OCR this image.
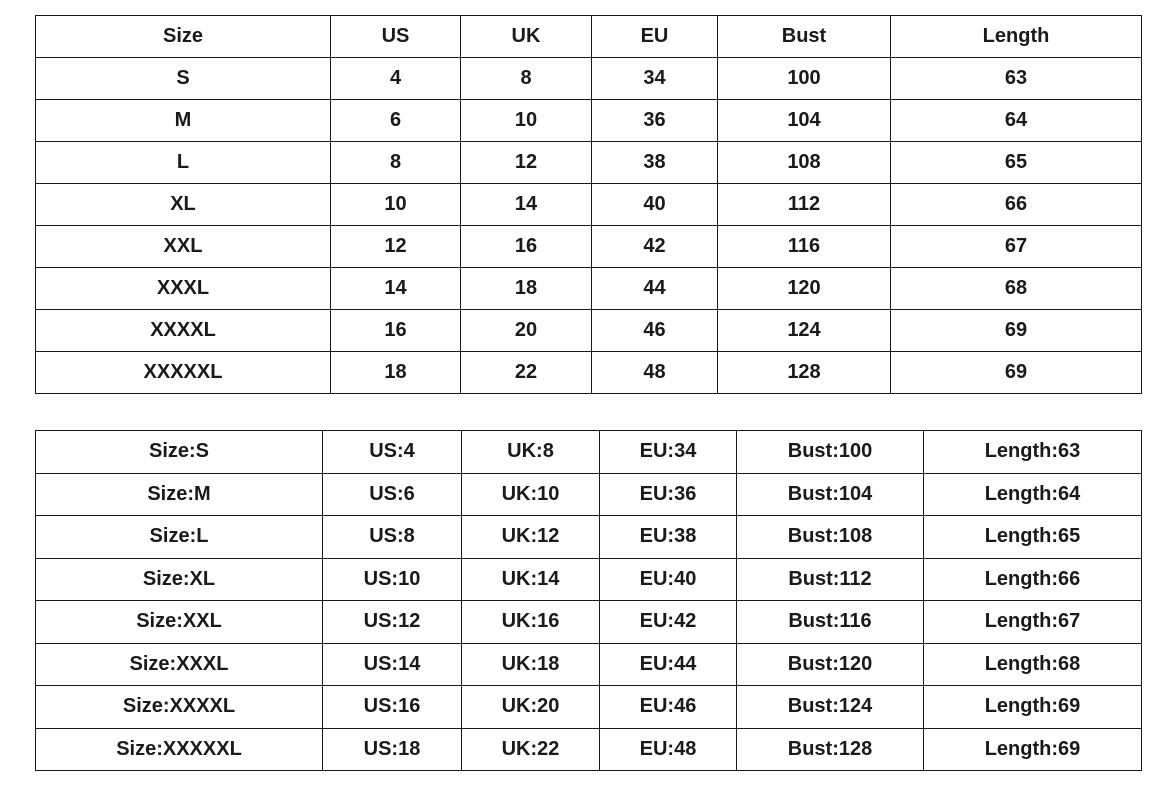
Size	US	UK	EU	Bust	Length
S	4	8	34	100	63
M	6	10	36	104	64
L	8	12	38	108	65
XL	10	14	40	112	66
XXL	12	16	42	116	67
XXXL	14	18	44	120	68
XXXXL	16	20	46	124	69
XXXXXL	18	22	48	128	69
Size:S	US:4	UK:8	EU:34	Bust:100	Length:63
Size:M	US:6	UK:10	EU:36	Bust:104	Length:64
Size:L	US:8	UK:12	EU:38	Bust:108	Length:65
Size:XL	US:10	UK:14	EU:40	Bust:112	Length:66
Size:XXL	US:12	UK:16	EU:42	Bust:116	Length:67
Size:XXXL	US:14	UK:18	EU:44	Bust:120	Length:68
Size:XXXXL	US:16	UK:20	EU:46	Bust:124	Length:69
Size:XXXXXL	US:18	UK:22	EU:48	Bust:128	Length:69
